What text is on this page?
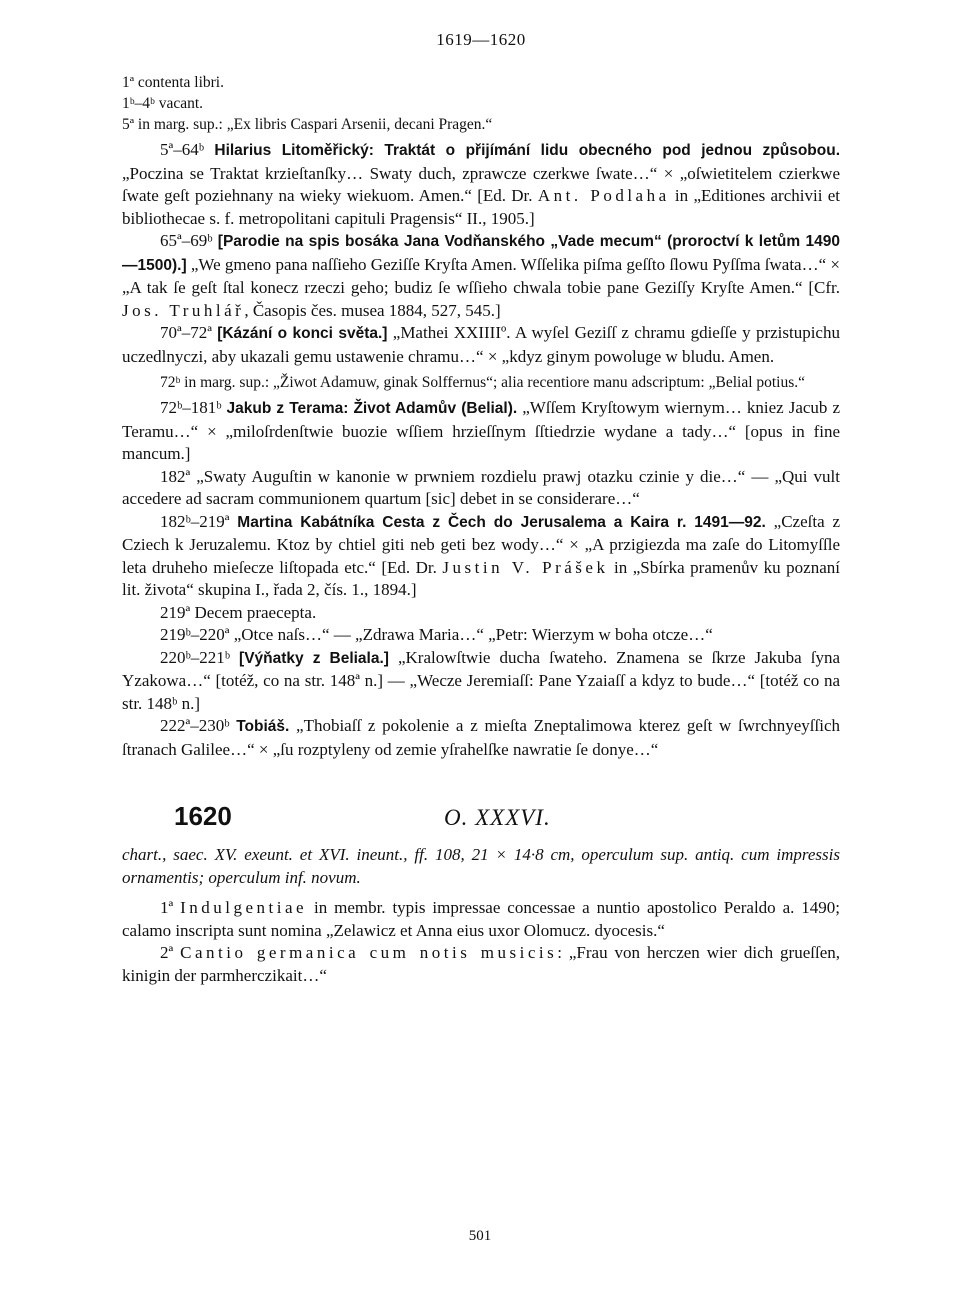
1619—1620

1ª contenta libri.

1ᵇ–4ᵇ vacant.

5ª in marg. sup.: „Ex libris Caspari Arsenii, decani Pragen.“

5ª–64ᵇ Hilarius Litoměřický: Traktát o přijímání lidu obecného pod jednou způsobou. „Poczina se Traktat krzieſtanſky… Swaty duch, zprawcze czerkwe ſwate…“ × „oſwietitelem czierkwe ſwate geſt poziehnany na wieky wiekuom. Amen.“ [Ed. Dr. Ant. Podlaha in „Editiones archivii et bibliothecae s. f. metropolitani capituli Pragensis“ II., 1905.]

65ª–69ᵇ [Parodie na spis bosáka Jana Vodňanského „Vade mecum“ (proroctví k letům 1490—1500).] „We gmeno pana naſſieho Geziſſe Kryſta Amen. Wſſelika piſma geſſto ſlowu Pyſſma ſwata…“ × „A tak ſe geſt ſtal konecz rzeczi geho; budiz ſe wſſieho chwala tobie pane Geziſſy Kryſte Amen.“ [Cfr. Jos. Truhlář, Časopis čes. musea 1884, 527, 545.]

70ª–72ª [Kázání o konci světa.] „Mathei XXIIIIº. A wyſel Geziſſ z chramu gdieſſe y przistupichu uczedlnyczi, aby ukazali gemu ustawenie chramu…“ × „kdyz ginym powoluge w bludu. Amen.

72ᵇ in marg. sup.: „Žiwot Adamuw, ginak Solffernus“; alia recentiore manu adscriptum: „Belial potius.“

72ᵇ–181ᵇ Jakub z Terama: Život Adamův (Belial). „Wſſem Kryſtowym wiernym… kniez Jacub z Teramu…“ × „miloſrdenſtwie buozie wſſiem hrzieſſnym ſſtiedrzie wydane a tady…“ [opus in fine mancum.]

182ª „Swaty Auguſtin w kanonie w prwniem rozdielu prawj otazku czinie y die…“ — „Qui vult accedere ad sacram communionem quartum [sic] debet in se considerare…“

182ᵇ–219ª Martina Kabátníka Cesta z Čech do Jerusalema a Kaira r. 1491—92. „Czeſta z Cziech k Jeruzalemu. Ktoz by chtiel giti neb geti bez wody…“ × „A przigiezda ma zaſe do Litomyſſle leta druheho mieſecze liſtopada etc.“ [Ed. Dr. Justin V. Prášek in „Sbírka pramenův ku poznaní lit. života“ skupina I., řada 2, čís. 1., 1894.]

219ª Decem praecepta.

219ᵇ–220ª „Otce naſs…“ — „Zdrawa Maria…“ „Petr: Wierzym w boha otcze…“

220ᵇ–221ᵇ [Výňatky z Beliala.] „Kralowſtwie ducha ſwateho. Znamena se ſkrze Jakuba ſyna Yzakowa…“ [totéž, co na str. 148ª n.] — „Wecze Jeremiaſſ: Pane Yzaiaſſ a kdyz to bude…“ [totéž co na str. 148ᵇ n.]

222ª–230ᵇ Tobiáš. „Thobiaſſ z pokolenie a z mieſta Zneptalimowa kterez geſt w ſwrchnyeyſſich ſtranach Galilee…“ × „ſu rozptyleny od zemie yſrahelſke nawratie ſe donye…“

1620	O. XXXVI.

chart., saec. XV. exeunt. et XVI. ineunt., ff. 108, 21 × 14·8 cm, operculum sup. antiq. cum impressis ornamentis; operculum inf. novum.

1ª Indulgentiae in membr. typis impressae concessae a nuntio apostolico Peraldo a. 1490; calamo inscripta sunt nomina „Zelawicz et Anna eius uxor Olomucz. dyocesis.“

2ª Cantio germanica cum notis musicis: „Frau von herczen wier dich grueſſen, kinigin der parmherczikait…“

501
